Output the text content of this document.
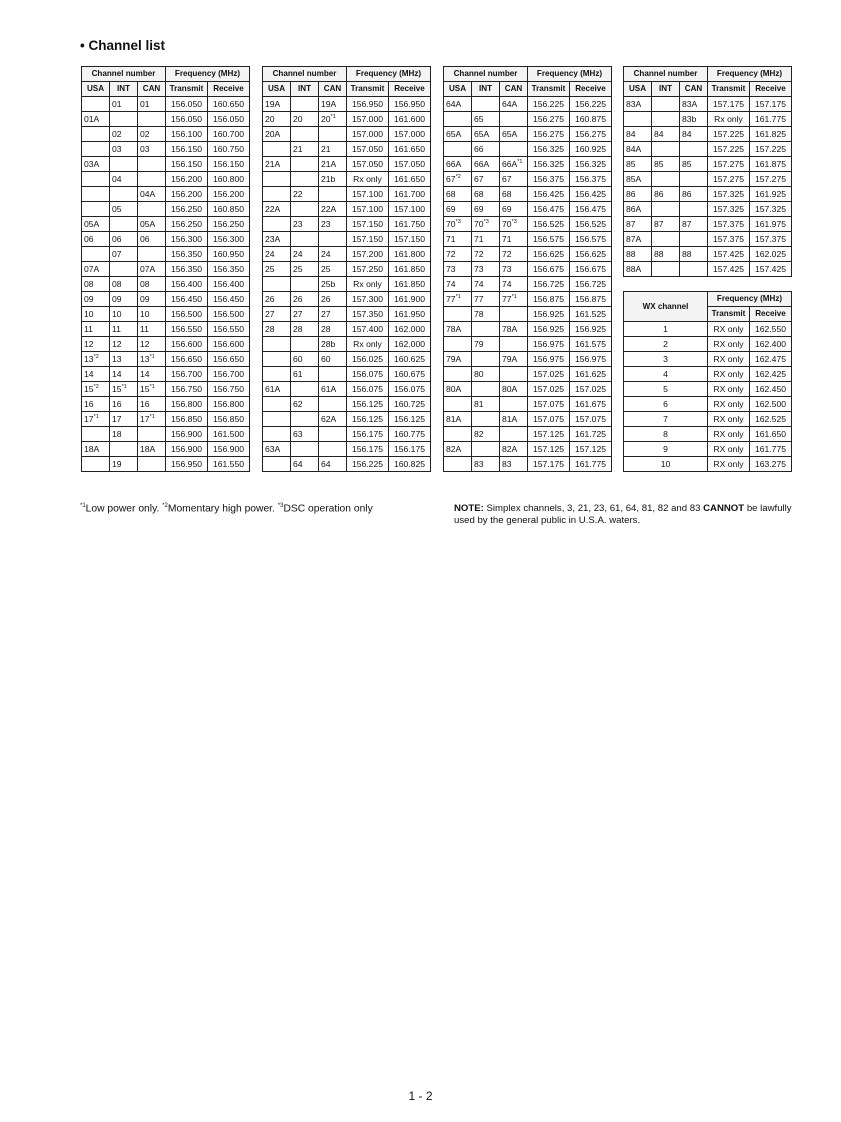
• Channel list
Channel number			Frequency (MHz)	
USA	INT	CAN	Transmit	Receive
	01	01	156.050	160.650
01A			156.050	156.050
	02	02	156.100	160.700
	03	03	156.150	160.750
03A			156.150	156.150
	04		156.200	160.800
		04A	156.200	156.200
	05		156.250	160.850
05A		05A	156.250	156.250
06	06	06	156.300	156.300
	07		156.350	160.950
07A		07A	156.350	156.350
08	08	08	156.400	156.400
09	09	09	156.450	156.450
10	10	10	156.500	156.500
11	11	11	156.550	156.550
12	12	12	156.600	156.600
13$^{*2}$	13	13$^{*1}$	156.650	156.650
14	14	14	156.700	156.700
15$^{*2}$	15$^{*1}$	15$^{*1}$	156.750	156.750
16	16	16	156.800	156.800
17$^{*1}$	17	17$^{*1}$	156.850	156.850
	18		156.900	161.500
18A		18A	156.900	156.900
	19		156.950	161.550
Channel number			Frequency (MHz)	
USA	INT	CAN	Transmit	Receive
19A		19A	156.950	156.950
20	20	20$^{*1}$	157.000	161.600
20A			157.000	157.000
	21	21	157.050	161.650
21A		21A	157.050	157.050
		21b	Rx only	161.650
	22		157.100	161.700
22A		22A	157.100	157.100
	23	23	157.150	161.750
23A			157.150	157.150
24	24	24	157.200	161.800
25	25	25	157.250	161.850
		25b	Rx only	161.850
26	26	26	157.300	161.900
27	27	27	157.350	161.950
28	28	28	157.400	162.000
		28b	Rx only	162.000
	60	60	156.025	160.625
	61		156.075	160.675
61A		61A	156.075	156.075
	62		156.125	160.725
		62A	156.125	156.125
	63		156.175	160.775
63A			156.175	156.175
	64	64	156.225	160.825
Channel number			Frequency (MHz)	
USA	INT	CAN	Transmit	Receive
64A		64A	156.225	156.225
	65		156.275	160.875
65A	65A	65A	156.275	156.275
	66		156.325	160.925
66A	66A	$66A^{*1}$	156.325	156.325
67$^{*2}$	67	67	156.375	156.375
68	68	68	156.425	156.425
69	69	69	156.475	156.475
70$^{*3}$	70$^{*3}$	70$^{*3}$	156.525	156.525
71	71	71	156.575	156.575
72	72	72	156.625	156.625
73	73	73	156.675	156.675
74	74	74	156.725	156.725
77$^{*1}$	77	77$^{*1}$	156.875	156.875
	78		156.925	161.525
78A		78A	156.925	156.925
	79		156.975	161.575
79A		79A	156.975	156.975
	80		157.025	161.625
80A		80A	157.025	157.025
	81		157.075	161.675
81A		81A	157.075	157.075
	82		157.125	161.725
82A		82A	157.125	157.125
	83	83	157.175	161.775
Channel number			Frequency (MHz)	
USA	INT	CAN	Transmit	Receive
83A		83A	157.175	157.175
		83b	Rx only	161.775
84	84	84	157.225	161.825
84A			157.225	157.225
85	85	85	157.275	161.875
85A			157.275	157.275
86	86	86	157.325	161.925
86A			157.325	157.325
87	87	87	157.375	161.975
87A			157.375	157.375
88	88	88	157.425	162.025
88A			157.425	157.425

WX channel			Frequency (MHz)	
			Transmit	Receive
1			RX only	162.550
2			RX only	162.400
3			RX only	162.475
4			RX only	162.425
5			RX only	162.450
6			RX only	162.500
7			RX only	162.525
8			RX only	161.650
9			RX only	161.775
10			RX only	163.275
$^{*1}$Low power only. $^{*2}$Momentary high power. $^{*3}$DSC operation only	NOTE: Simplex channels, 3, 21, 23, 61, 64, 81, 82 and 83 CANNOT be lawfully used by the general public in U.S.A. waters.
1 - 2
